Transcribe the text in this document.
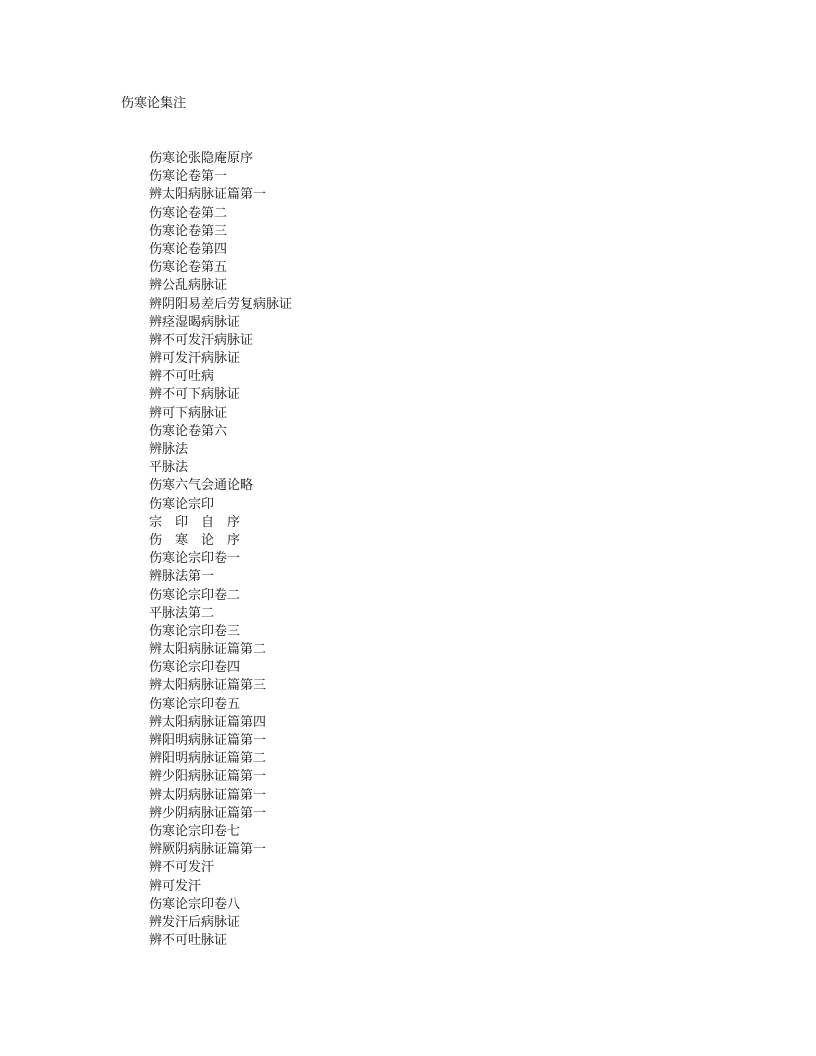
伤寒论集注
伤寒论张隐庵原序
伤寒论卷第一
辨太阳病脉证篇第一
伤寒论卷第二
伤寒论卷第三
伤寒论卷第四
伤寒论卷第五
辨公乱病脉证
辨阴阳易差后劳复病脉证
辨痉湿暍病脉证
辨不可发汗病脉证
辨可发汗病脉证
辨不可吐病
辨不可下病脉证
辨可下病脉证
伤寒论卷第六
辨脉法
平脉法
伤寒六气会通论略
伤寒论宗印
宗　印　自　序
伤　寒　论　序
伤寒论宗印卷一
辨脉法第一
伤寒论宗印卷二
平脉法第二
伤寒论宗印卷三
辨太阳病脉证篇第二
伤寒论宗印卷四
辨太阳病脉证篇第三
伤寒论宗印卷五
辨太阳病脉证篇第四
辨阳明病脉证篇第一
辨阳明病脉证篇第二
辨少阳病脉证篇第一
辨太阴病脉证篇第一
辨少阴病脉证篇第一
伤寒论宗印卷七
辨厥阴病脉证篇第一
辨不可发汗
辨可发汗
伤寒论宗印卷八
辨发汗后病脉证
辨不可吐脉证
